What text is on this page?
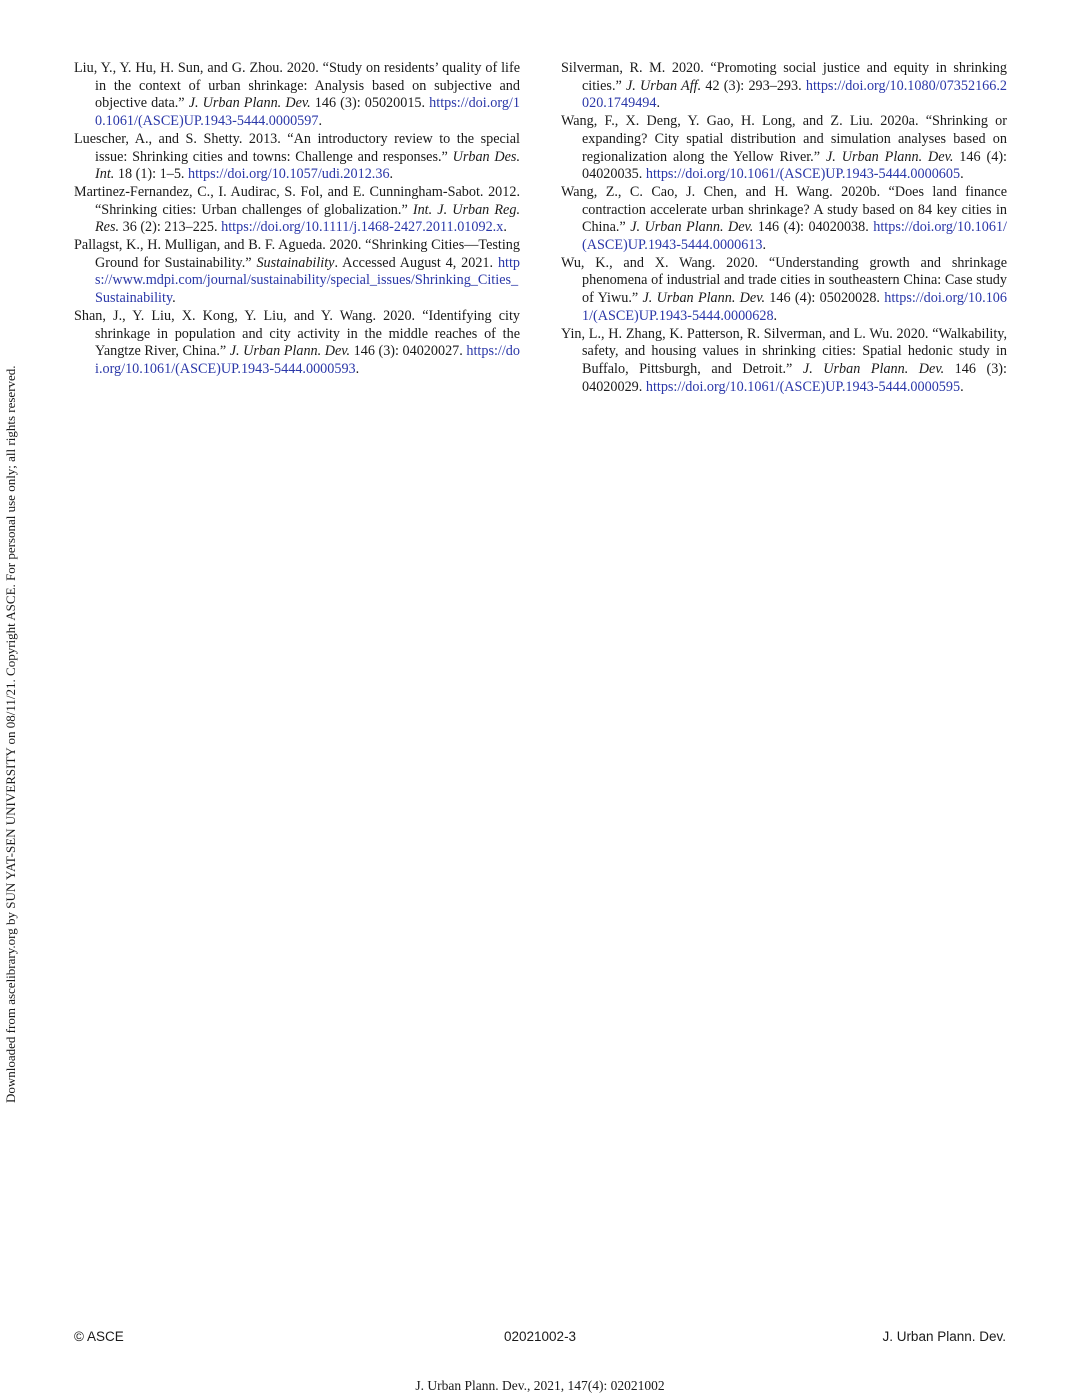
Liu, Y., Y. Hu, H. Sun, and G. Zhou. 2020. “Study on residents’ quality of life in the context of urban shrinkage: Analysis based on subjective and objective data.” J. Urban Plann. Dev. 146 (3): 05020015. https://doi.org/10.1061/(ASCE)UP.1943-5444.0000597.

Luescher, A., and S. Shetty. 2013. “An introductory review to the special issue: Shrinking cities and towns: Challenge and responses.” Urban Des. Int. 18 (1): 1–5. https://doi.org/10.1057/udi.2012.36.

Martinez-Fernandez, C., I. Audirac, S. Fol, and E. Cunningham-Sabot. 2012. “Shrinking cities: Urban challenges of globalization.” Int. J. Urban Reg. Res. 36 (2): 213–225. https://doi.org/10.1111/j.1468-2427.2011.01092.x.

Pallagst, K., H. Mulligan, and B. F. Agueda. 2020. “Shrinking Cities—Testing Ground for Sustainability.” Sustainability. Accessed August 4, 2021. https://www.mdpi.com/journal/sustainability/special_issues/Shrinking_Cities_Sustainability.

Shan, J., Y. Liu, X. Kong, Y. Liu, and Y. Wang. 2020. “Identifying city shrinkage in population and city activity in the middle reaches of the Yangtze River, China.” J. Urban Plann. Dev. 146 (3): 04020027. https://doi.org/10.1061/(ASCE)UP.1943-5444.0000593.

Silverman, R. M. 2020. “Promoting social justice and equity in shrinking cities.” J. Urban Aff. 42 (3): 293–293. https://doi.org/10.1080/07352166.2020.1749494.

Wang, F., X. Deng, Y. Gao, H. Long, and Z. Liu. 2020a. “Shrinking or expanding? City spatial distribution and simulation analyses based on regionalization along the Yellow River.” J. Urban Plann. Dev. 146 (4): 04020035. https://doi.org/10.1061/(ASCE)UP.1943-5444.0000605.

Wang, Z., C. Cao, J. Chen, and H. Wang. 2020b. “Does land finance contraction accelerate urban shrinkage? A study based on 84 key cities in China.” J. Urban Plann. Dev. 146 (4): 04020038. https://doi.org/10.1061/(ASCE)UP.1943-5444.0000613.

Wu, K., and X. Wang. 2020. “Understanding growth and shrinkage phenomena of industrial and trade cities in southeastern China: Case study of Yiwu.” J. Urban Plann. Dev. 146 (4): 05020028. https://doi.org/10.1061/(ASCE)UP.1943-5444.0000628.

Yin, L., H. Zhang, K. Patterson, R. Silverman, and L. Wu. 2020. “Walkability, safety, and housing values in shrinking cities: Spatial hedonic study in Buffalo, Pittsburgh, and Detroit.” J. Urban Plann. Dev. 146 (3): 04020029. https://doi.org/10.1061/(ASCE)UP.1943-5444.0000595.

Downloaded from ascelibrary.org by SUN YAT-SEN UNIVERSITY on 08/11/21. Copyright ASCE. For personal use only; all rights reserved.
© ASCE	02021002-3	J. Urban Plann. Dev.
J. Urban Plann. Dev., 2021, 147(4): 02021002
